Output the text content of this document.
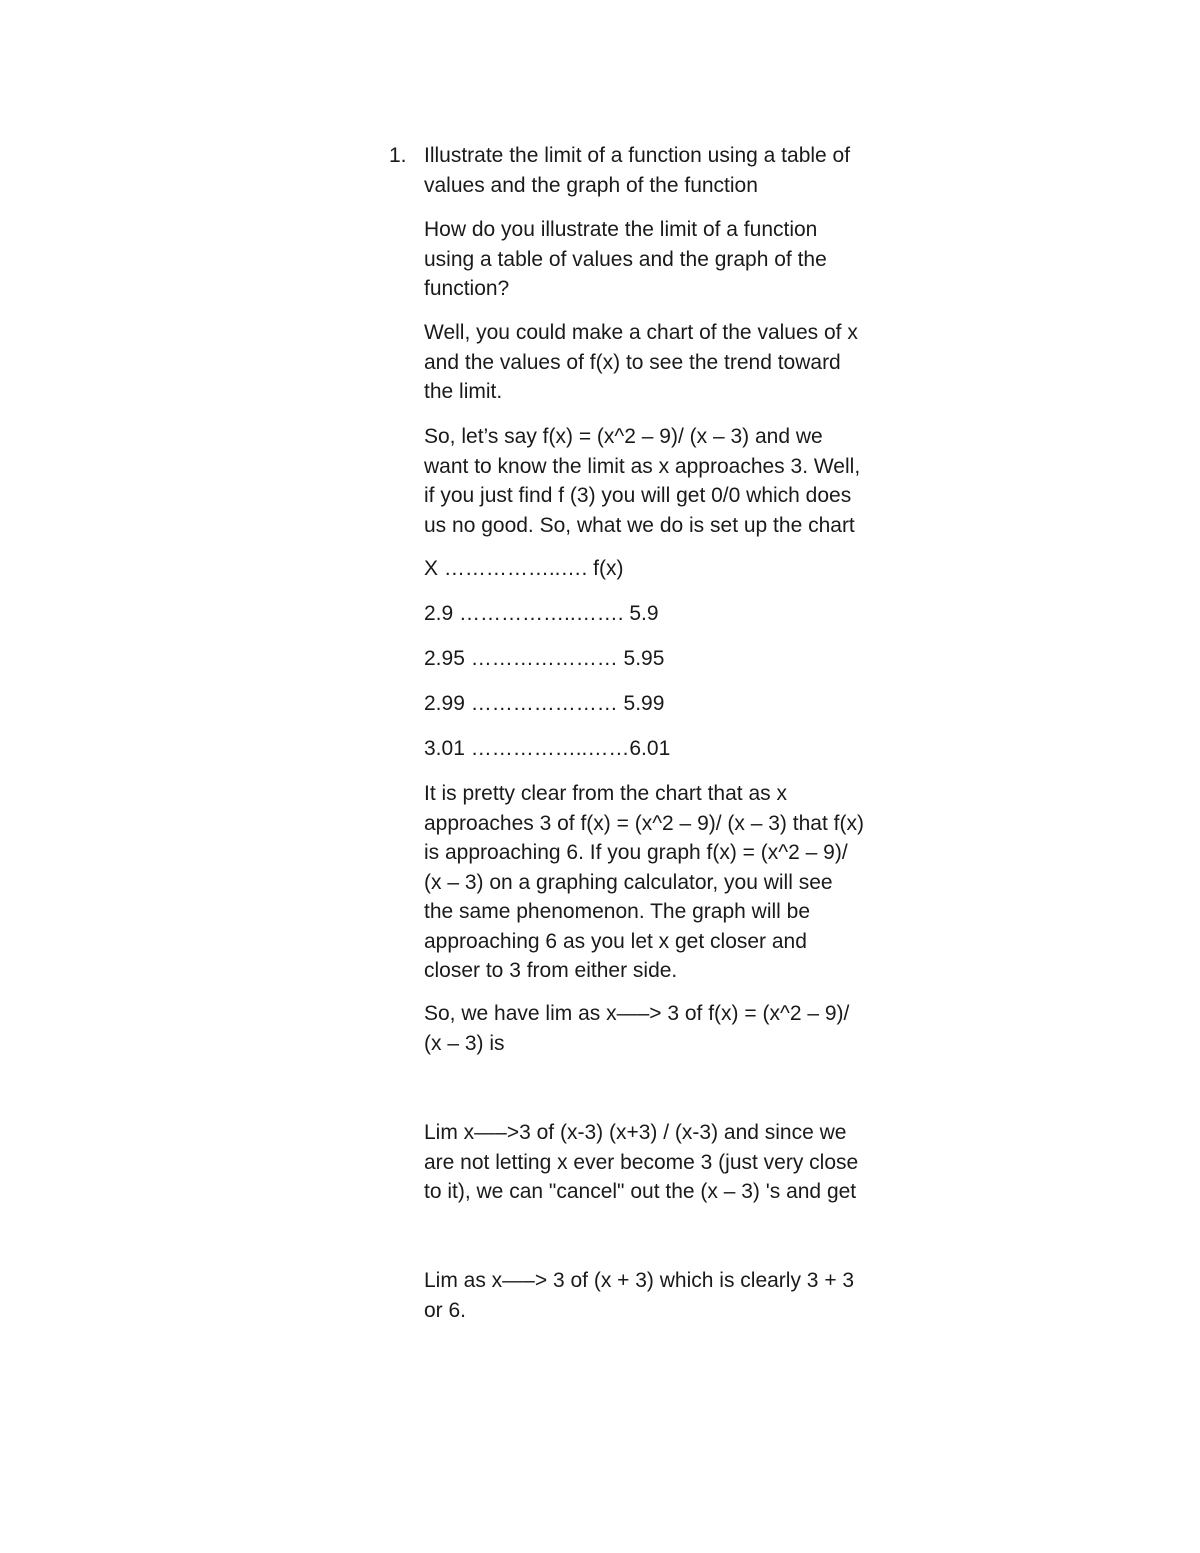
1. Illustrate the limit of a function using a table of
values and the graph of the function

How do you illustrate the limit of a function
using a table of values and the graph of the
function?

Well, you could make a chart of the values of x
and the values of f(x) to see the trend toward
the limit.

So, let’s say f(x) = (x^2 – 9)/ (x – 3) and we
want to know the limit as x approaches 3. Well,
if you just find f (3) you will get 0/0 which does
us no good. So, what we do is set up the chart

X ……………..…. f(x)

2.9 ……………..……. 5.9

2.95 ………………… 5.95

2.99 ………………… 5.99

3.01 ……………..……6.01

It is pretty clear from the chart that as x
approaches 3 of f(x) = (x^2 – 9)/ (x – 3) that f(x)
is approaching 6. If you graph f(x) = (x^2 – 9)/
(x – 3) on a graphing calculator, you will see
the same phenomenon. The graph will be
approaching 6 as you let x get closer and
closer to 3 from either side.

So, we have lim as x—–> 3 of f(x) = (x^2 – 9)/
(x – 3) is

Lim x—–>3 of (x-3) (x+3) / (x-3) and since we
are not letting x ever become 3 (just very close
to it), we can "cancel" out the (x – 3) 's and get

Lim as x—–> 3 of (x + 3) which is clearly 3 + 3
or 6.
